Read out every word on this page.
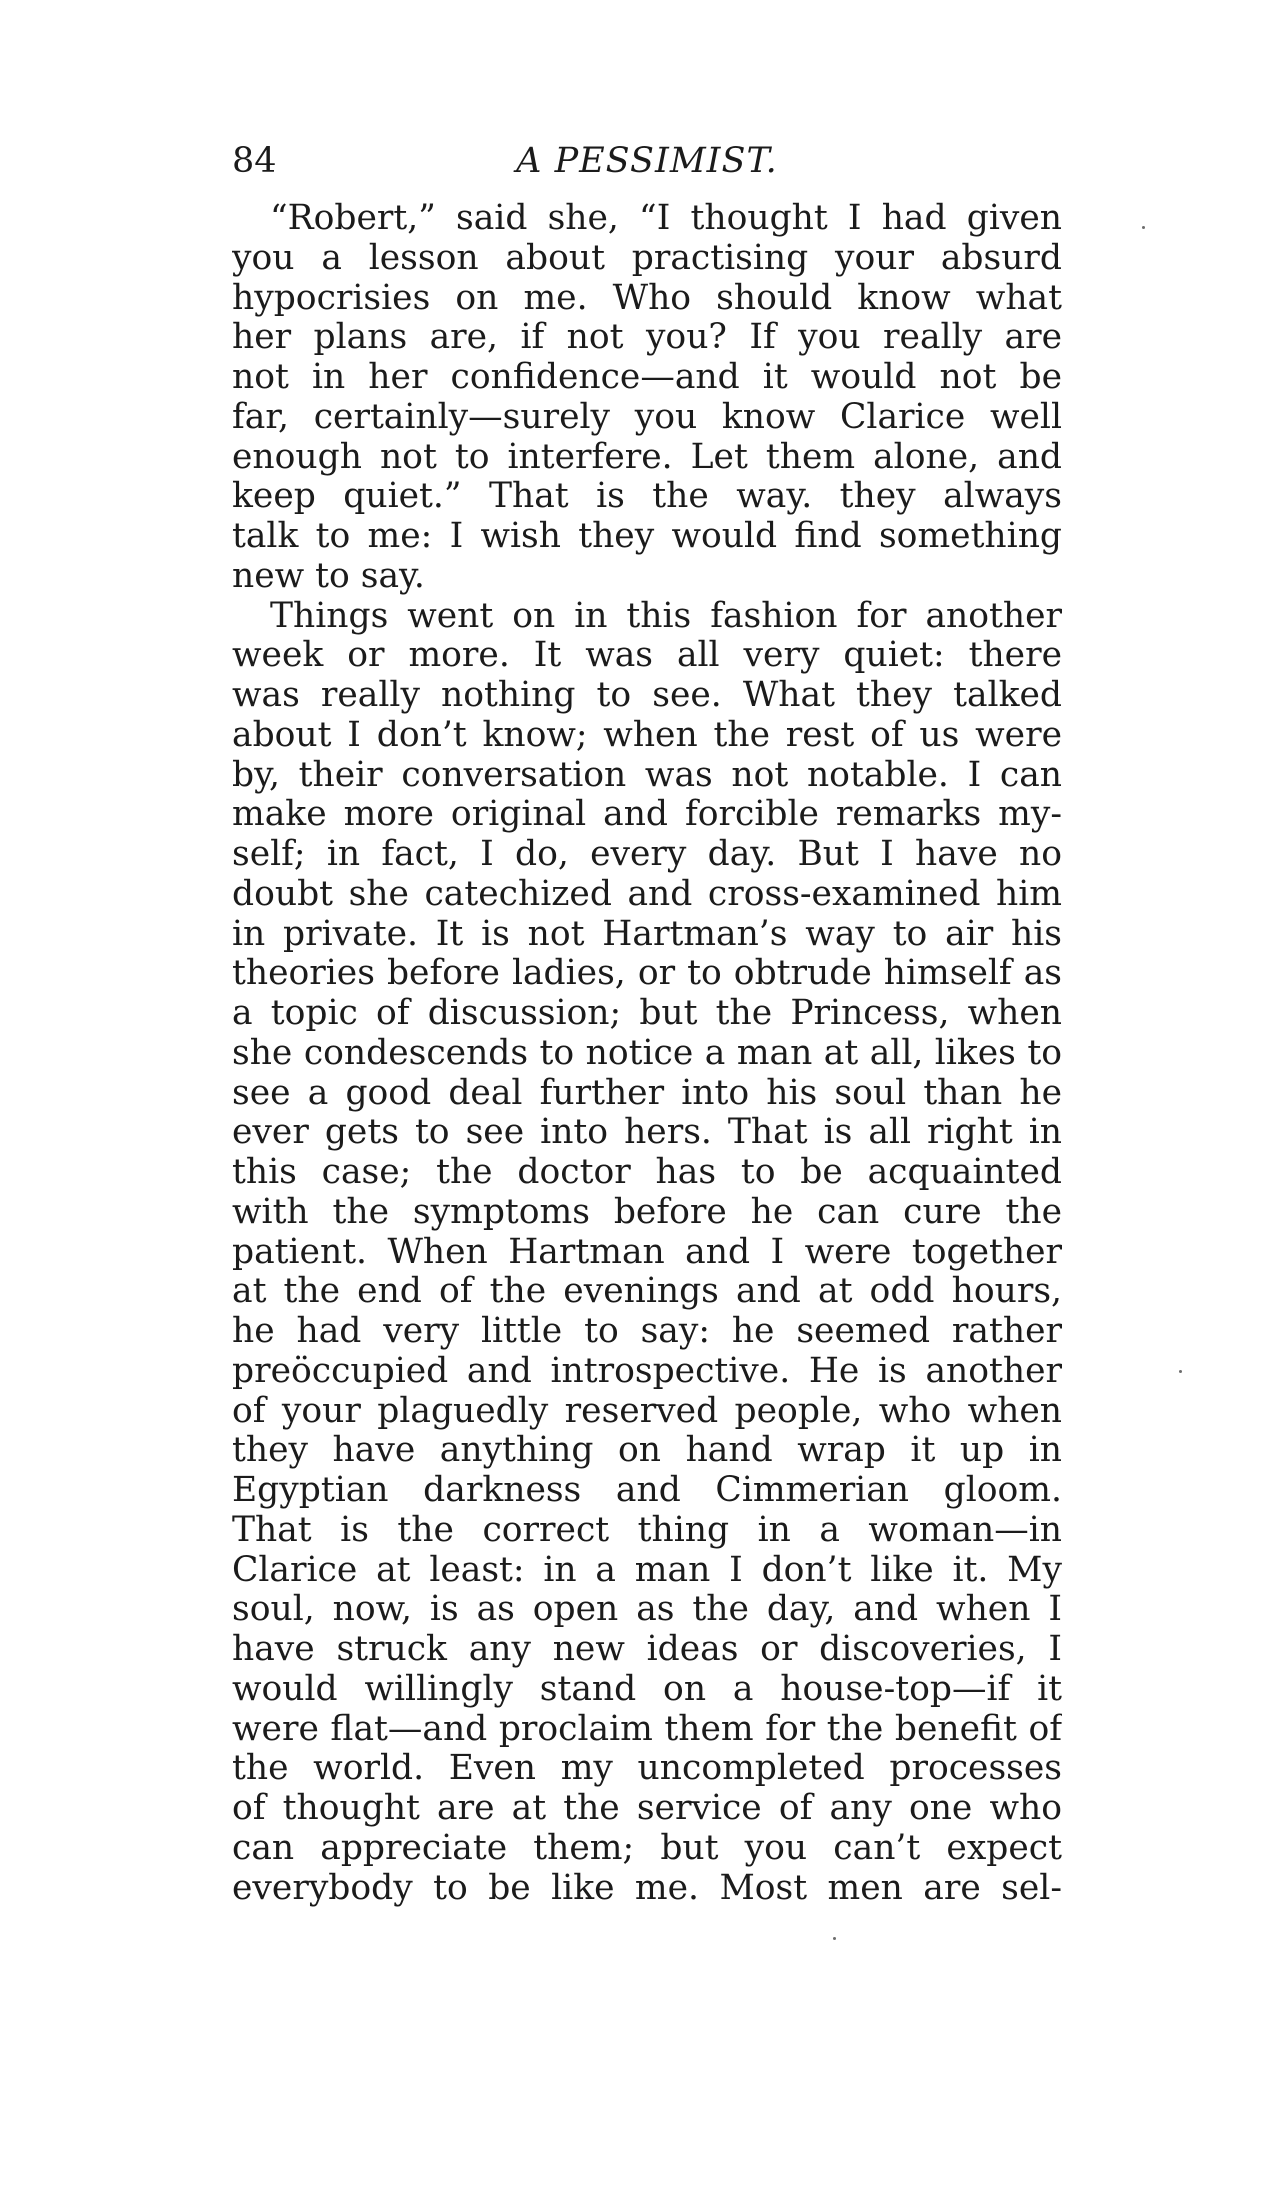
84	A PESSIMIST.
“Robert,” said she, “I thought I had given
you a lesson about practising your absurd
hypocrisies on me. Who should know what
her plans are, if not you? If you really are
not in her confidence—and it would not be
far, certainly—surely you know Clarice well
enough not to interfere. Let them alone, and
keep quiet.” That is the way. they always
talk to me: I wish they would find something
new to say.
Things went on in this fashion for another
week or more. It was all very quiet: there
was really nothing to see. What they talked
about I don’t know; when the rest of us were
by, their conversation was not notable. I can
make more original and forcible remarks my-
self; in fact, I do, every day. But I have no
doubt she catechized and cross-examined him
in private. It is not Hartman’s way to air his
theories before ladies, or to obtrude himself as
a topic of discussion; but the Princess, when
she condescends to notice a man at all, likes to
see a good deal further into his soul than he
ever gets to see into hers. That is all right in
this case; the doctor has to be acquainted
with the symptoms before he can cure the
patient. When Hartman and I were together
at the end of the evenings and at odd hours,
he had very little to say: he seemed rather
preöccupied and introspective. He is another
of your plaguedly reserved people, who when
they have anything on hand wrap it up in
Egyptian darkness and Cimmerian gloom.
That is the correct thing in a woman—in
Clarice at least: in a man I don’t like it. My
soul, now, is as open as the day, and when I
have struck any new ideas or discoveries, I
would willingly stand on a house-top—if it
were flat—and proclaim them for the benefit of
the world. Even my uncompleted processes
of thought are at the service of any one who
can appreciate them; but you can’t expect
everybody to be like me. Most men are sel-
